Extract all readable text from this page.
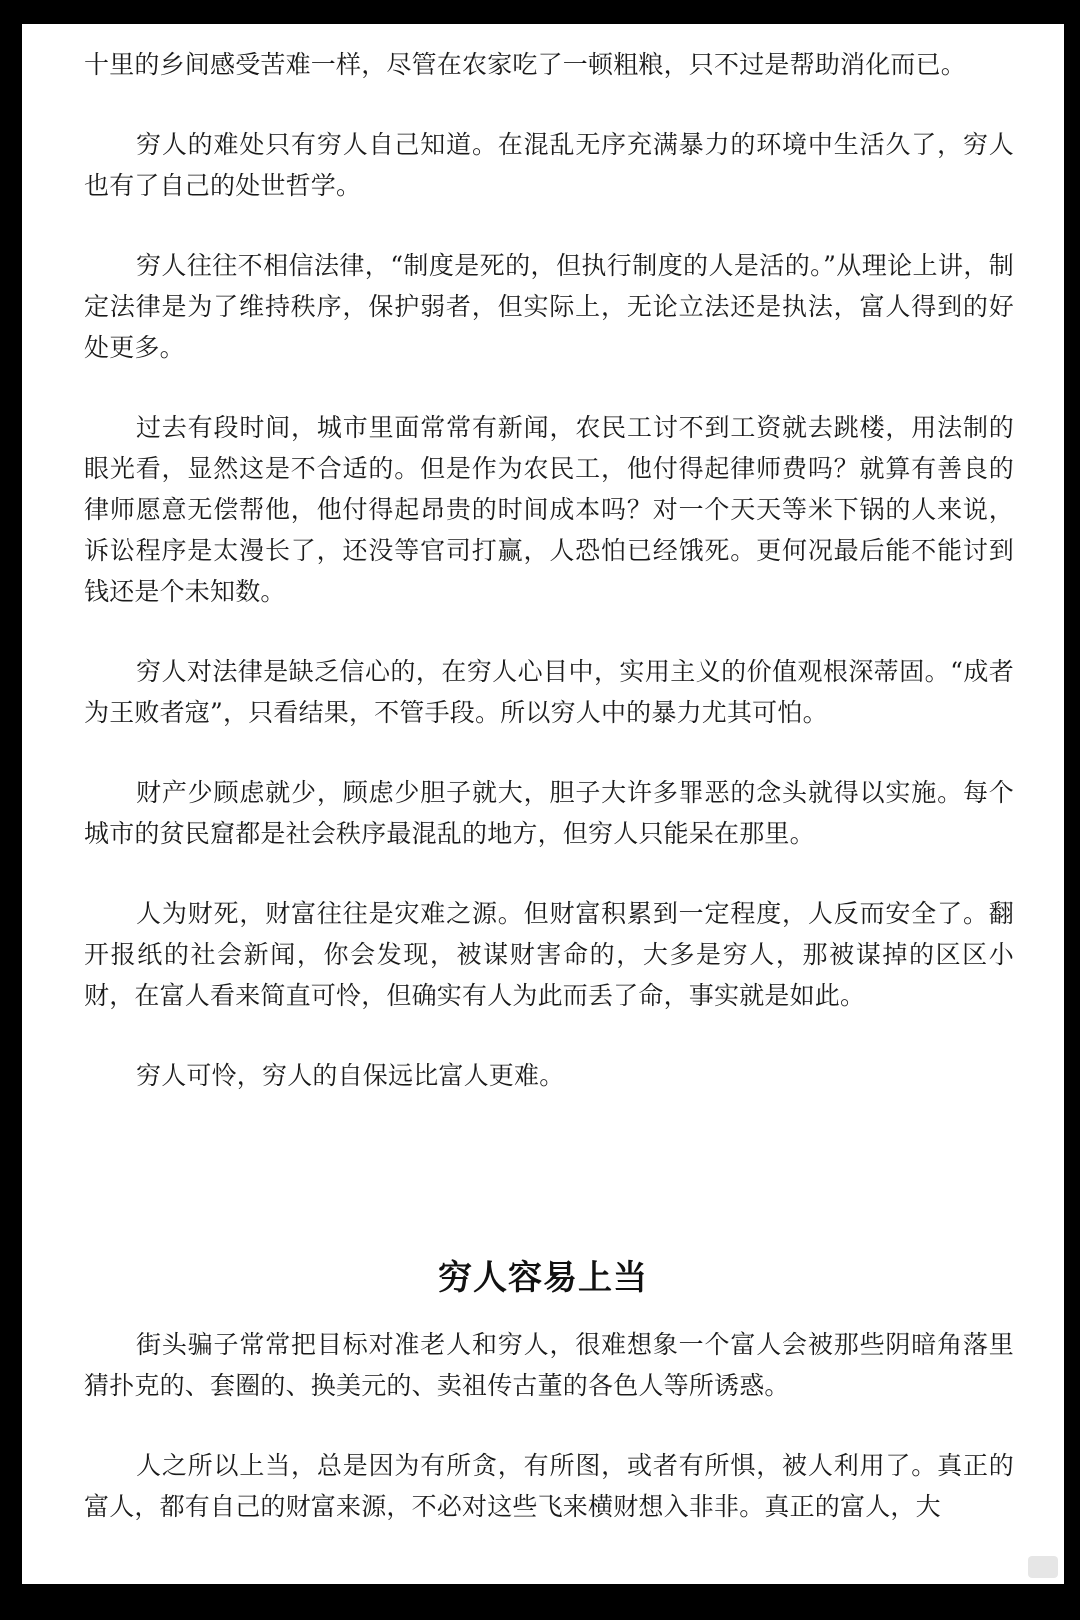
十里的乡间感受苦难一样，尽管在农家吃了一顿粗粮，只不过是帮助消化而已。

穷人的难处只有穷人自己知道。在混乱无序充满暴力的环境中生活久了，穷人也有了自己的处世哲学。

穷人往往不相信法律，“制度是死的，但执行制度的人是活的。”从理论上讲，制定法律是为了维持秩序，保护弱者，但实际上，无论立法还是执法，富人得到的好处更多。

过去有段时间，城市里面常常有新闻，农民工讨不到工资就去跳楼，用法制的眼光看，显然这是不合适的。但是作为农民工，他付得起律师费吗？就算有善良的律师愿意无偿帮他，他付得起昂贵的时间成本吗？对一个天天等米下锅的人来说，诉讼程序是太漫长了，还没等官司打赢，人恐怕已经饿死。更何况最后能不能讨到钱还是个未知数。

穷人对法律是缺乏信心的，在穷人心目中，实用主义的价值观根深蒂固。“成者为王败者寇”，只看结果，不管手段。所以穷人中的暴力尤其可怕。

财产少顾虑就少，顾虑少胆子就大，胆子大许多罪恶的念头就得以实施。每个城市的贫民窟都是社会秩序最混乱的地方，但穷人只能呆在那里。

人为财死，财富往往是灾难之源。但财富积累到一定程度，人反而安全了。翻开报纸的社会新闻，你会发现，被谋财害命的，大多是穷人，那被谋掉的区区小财，在富人看来简直可怜，但确实有人为此而丢了命，事实就是如此。

穷人可怜，穷人的自保远比富人更难。

穷人容易上当

街头骗子常常把目标对准老人和穷人，很难想象一个富人会被那些阴暗角落里猜扑克的、套圈的、换美元的、卖祖传古董的各色人等所诱惑。

人之所以上当，总是因为有所贪，有所图，或者有所惧，被人利用了。真正的富人，都有自己的财富来源，不必对这些飞来横财想入非非。真正的富人，大
